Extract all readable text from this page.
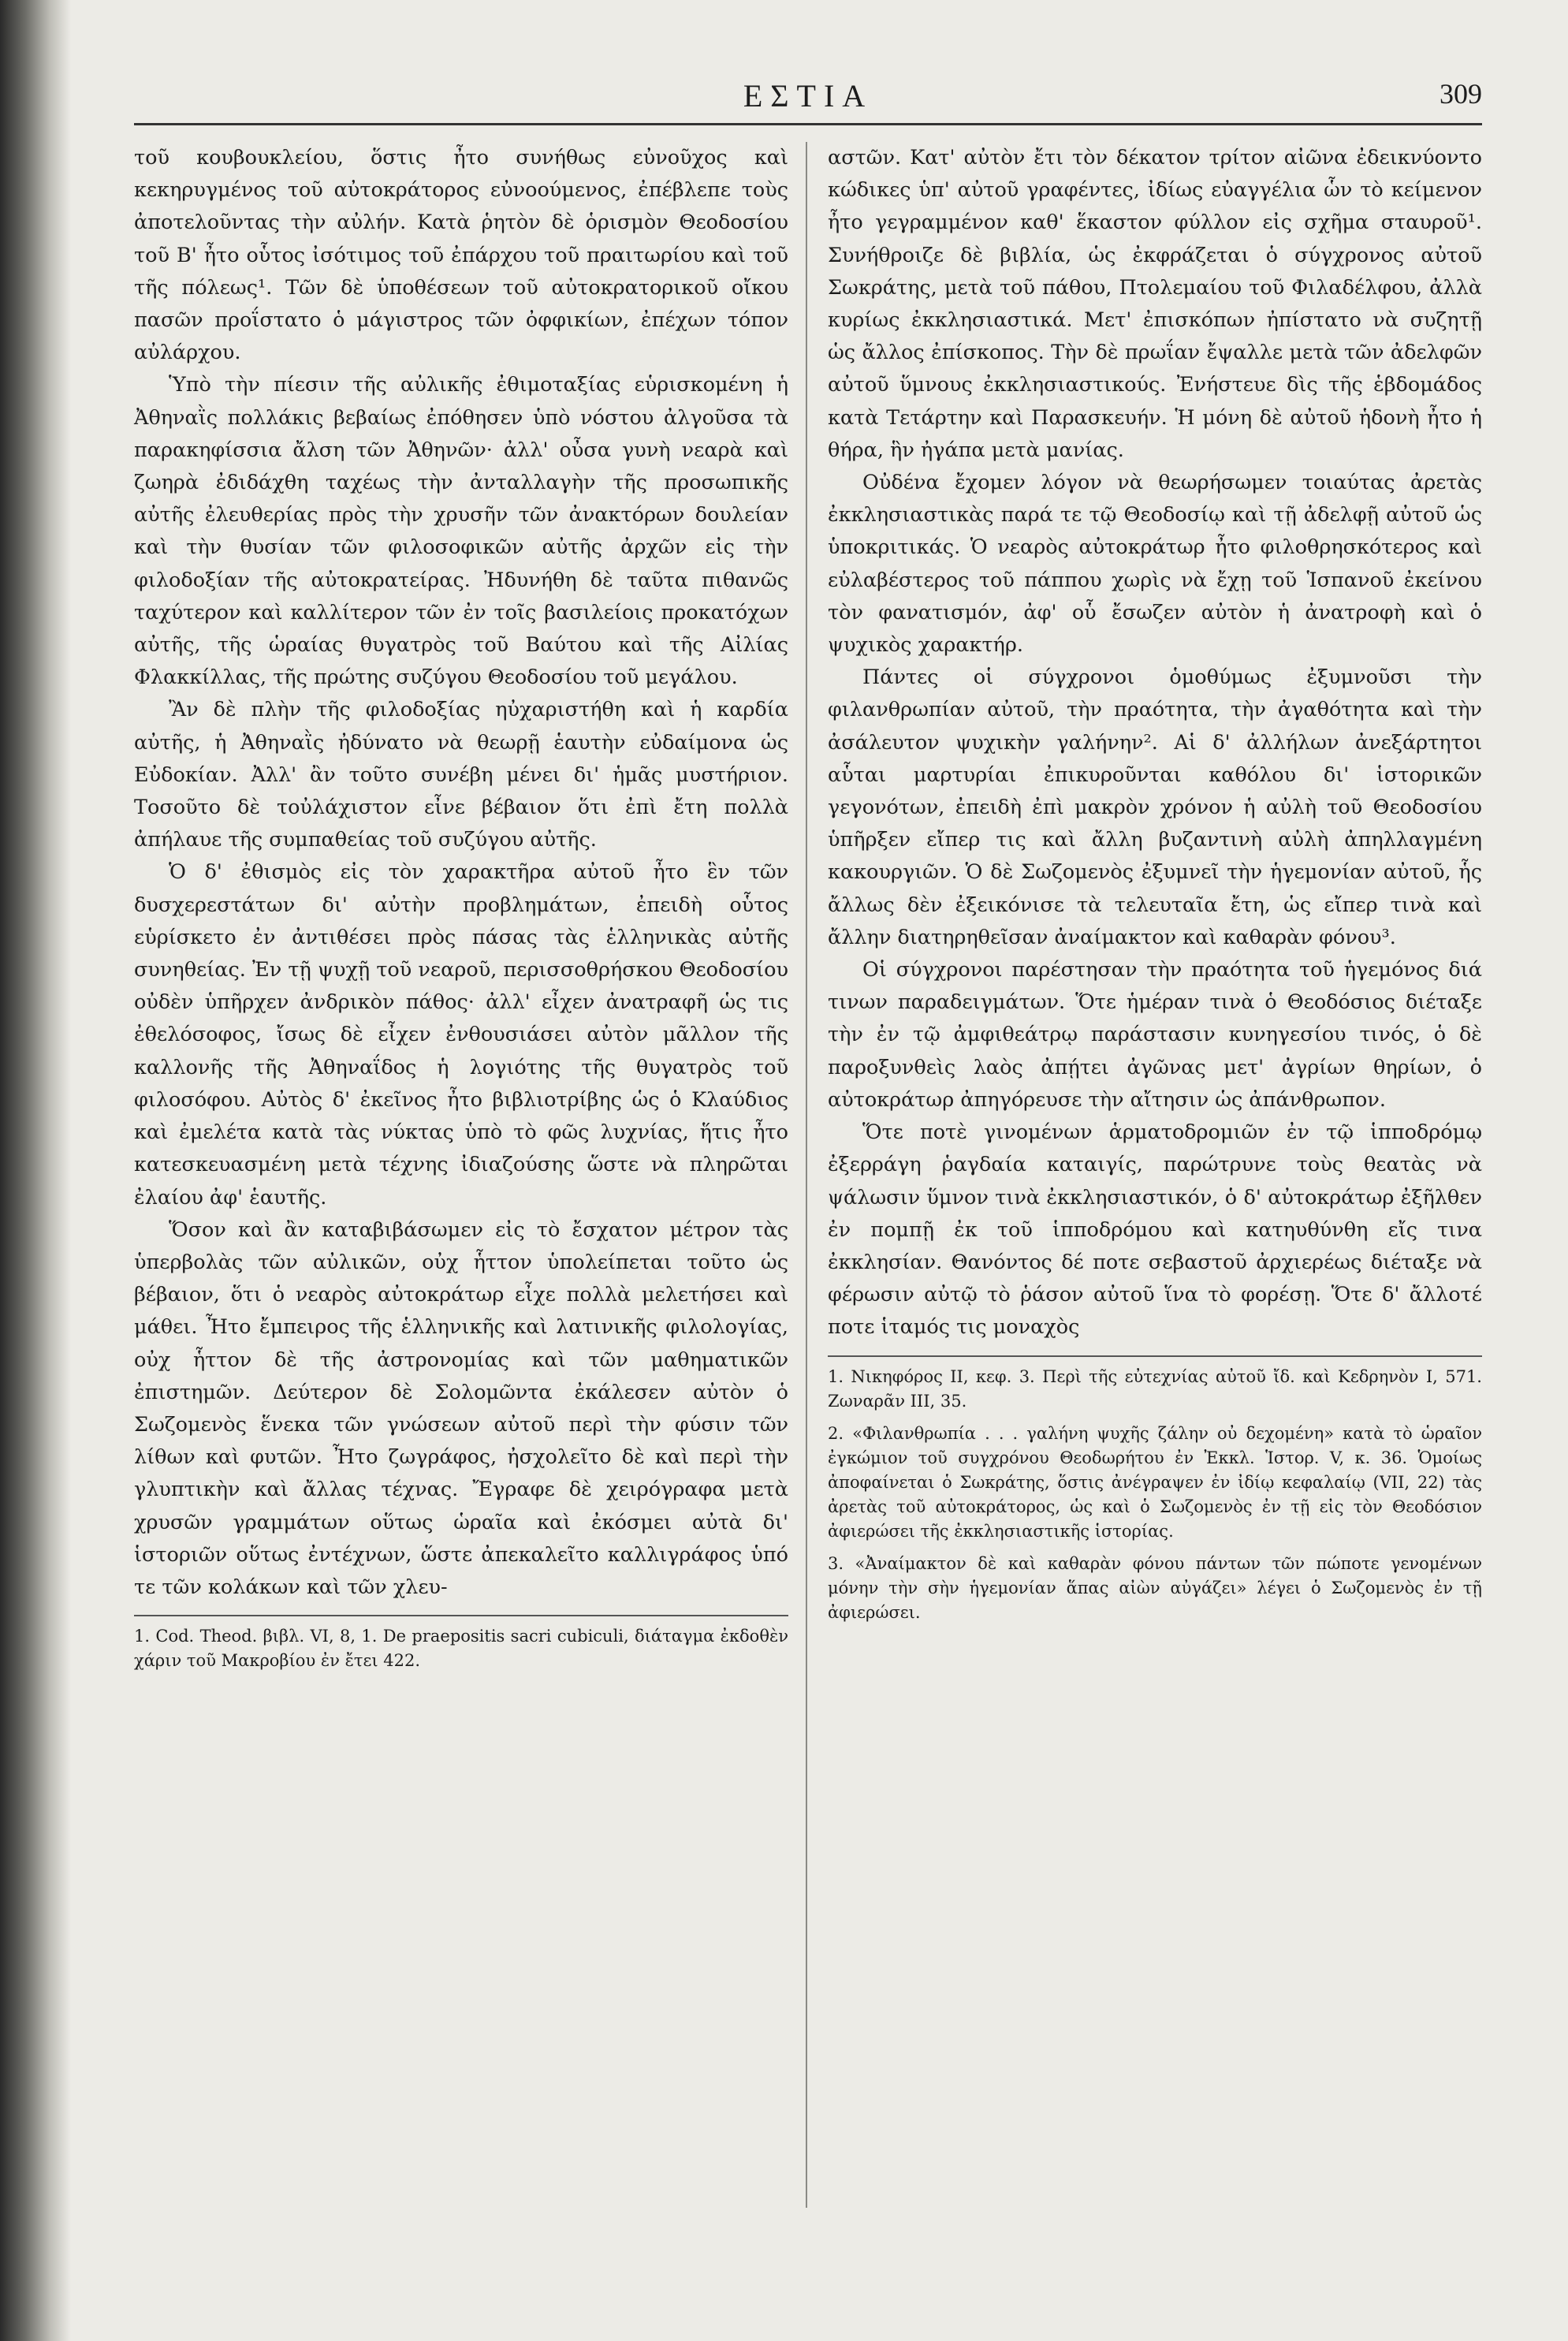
ΕΣΤΙΑ	309

τοῦ κουβουκλείου, ὅστις ἦτο συνήθως εὐνοῦχος καὶ κεκηρυγμένος τοῦ αὐτοκράτορος εὐνοούμενος, ἐπέβλεπε τοὺς ἀποτελοῦντας τὴν αὐλήν. Κατὰ ῥητὸν δὲ ὁρισμὸν Θεοδοσίου τοῦ Β' ἦτο οὗτος ἰσότιμος τοῦ ἐπάρχου τοῦ πραιτωρίου καὶ τοῦ τῆς πόλεως¹. Τῶν δὲ ὑποθέσεων τοῦ αὐτοκρατορικοῦ οἴκου πασῶν προΐστατο ὁ μάγιστρος τῶν ὀφφικίων, ἐπέχων τόπον αὐλάρχου.

Ὑπὸ τὴν πίεσιν τῆς αὐλικῆς ἐθιμοταξίας εὑρισκομένη ἡ Ἀθηναῒς πολλάκις βεβαίως ἐπόθησεν ὑπὸ νόστου ἀλγοῦσα τὰ παρακηφίσσια ἄλση τῶν Ἀθηνῶν· ἀλλ' οὖσα γυνὴ νεαρὰ καὶ ζωηρὰ ἐδιδάχθη ταχέως τὴν ἀνταλλαγὴν τῆς προσωπικῆς αὐτῆς ἐλευθερίας πρὸς τὴν χρυσῆν τῶν ἀνακτόρων δουλείαν καὶ τὴν θυσίαν τῶν φιλοσοφικῶν αὐτῆς ἀρχῶν εἰς τὴν φιλοδοξίαν τῆς αὐτοκρατείρας. Ἠδυνήθη δὲ ταῦτα πιθανῶς ταχύτερον καὶ καλλίτερον τῶν ἐν τοῖς βασιλείοις προκατόχων αὐτῆς, τῆς ὡραίας θυγατρὸς τοῦ Βαύτου καὶ τῆς Αἰλίας Φλακκίλλας, τῆς πρώτης συζύγου Θεοδοσίου τοῦ μεγάλου.

Ἂν δὲ πλὴν τῆς φιλοδοξίας ηὐχαριστήθη καὶ ἡ καρδία αὐτῆς, ἡ Ἀθηναῒς ἠδύνατο νὰ θεωρῇ ἑαυτὴν εὐδαίμονα ὡς Εὐδοκίαν. Ἀλλ' ἂν τοῦτο συνέβη μένει δι' ἡμᾶς μυστήριον. Τοσοῦτο δὲ τοὐλάχιστον εἶνε βέβαιον ὅτι ἐπὶ ἔτη πολλὰ ἀπήλαυε τῆς συμπαθείας τοῦ συζύγου αὐτῆς.

Ὁ δ' ἐθισμὸς εἰς τὸν χαρακτῆρα αὐτοῦ ἦτο ἓν τῶν δυσχερεστάτων δι' αὐτὴν προβλημάτων, ἐπειδὴ οὗτος εὑρίσκετο ἐν ἀντιθέσει πρὸς πάσας τὰς ἑλληνικὰς αὐτῆς συνηθείας. Ἐν τῇ ψυχῇ τοῦ νεαροῦ, περισσοθρήσκου Θεοδοσίου οὐδὲν ὑπῆρχεν ἀνδρικὸν πάθος· ἀλλ' εἶχεν ἀνατραφῆ ὡς τις ἐθελόσοφος, ἴσως δὲ εἶχεν ἐνθουσιάσει αὐτὸν μᾶλλον τῆς καλλονῆς τῆς Ἀθηναΐδος ἡ λογιότης τῆς θυγατρὸς τοῦ φιλοσόφου. Αὐτὸς δ' ἐκεῖνος ἦτο βιβλιοτρίβης ὡς ὁ Κλαύδιος καὶ ἐμελέτα κατὰ τὰς νύκτας ὑπὸ τὸ φῶς λυχνίας, ἥτις ἦτο κατεσκευασμένη μετὰ τέχνης ἰδιαζούσης ὥστε νὰ πληρῶται ἐλαίου ἀφ' ἑαυτῆς.

Ὅσον καὶ ἂν καταβιβάσωμεν εἰς τὸ ἔσχατον μέτρον τὰς ὑπερβολὰς τῶν αὐλικῶν, οὐχ ἧττον ὑπολείπεται τοῦτο ὡς βέβαιον, ὅτι ὁ νεαρὸς αὐτοκράτωρ εἶχε πολλὰ μελετήσει καὶ μάθει. Ἦτο ἔμπειρος τῆς ἑλληνικῆς καὶ λατινικῆς φιλολογίας, οὐχ ἧττον δὲ τῆς ἀστρονομίας καὶ τῶν μαθηματικῶν ἐπιστημῶν. Δεύτερον δὲ Σολομῶντα ἐκάλεσεν αὐτὸν ὁ Σωζομενὸς ἕνεκα τῶν γνώσεων αὐτοῦ περὶ τὴν φύσιν τῶν λίθων καὶ φυτῶν. Ἦτο ζωγράφος, ἠσχολεῖτο δὲ καὶ περὶ τὴν γλυπτικὴν καὶ ἄλλας τέχνας. Ἔγραφε δὲ χειρόγραφα μετὰ χρυσῶν γραμμάτων οὕτως ὡραῖα καὶ ἐκόσμει αὐτὰ δι' ἱστοριῶν οὕτως ἐντέχνων, ὥστε ἀπεκαλεῖτο καλλιγράφος ὑπό τε τῶν κολάκων καὶ τῶν χλευ-

1. Cod. Theod. βιβλ. VI, 8, 1. De praepositis sacri cubiculi, διάταγμα ἐκδοθὲν χάριν τοῦ Μακροβίου ἐν ἔτει 422.

αστῶν. Κατ' αὐτὸν ἔτι τὸν δέκατον τρίτον αἰῶνα ἐδεικνύοντο κώδικες ὑπ' αὐτοῦ γραφέντες, ἰδίως εὐαγγέλια ὧν τὸ κείμενον ἦτο γεγραμμένον καθ' ἕκαστον φύλλον εἰς σχῆμα σταυροῦ¹. Συνήθροιζε δὲ βιβλία, ὡς ἐκφράζεται ὁ σύγχρονος αὐτοῦ Σωκράτης, μετὰ τοῦ πάθου, Πτολεμαίου τοῦ Φιλαδέλφου, ἀλλὰ κυρίως ἐκκλησιαστικά. Μετ' ἐπισκόπων ἠπίστατο νὰ συζητῇ ὡς ἄλλος ἐπίσκοπος. Τὴν δὲ πρωΐαν ἔψαλλε μετὰ τῶν ἀδελφῶν αὐτοῦ ὕμνους ἐκκλησιαστικούς. Ἐνήστευε δὶς τῆς ἑβδομάδος κατὰ Τετάρτην καὶ Παρασκευήν. Ἡ μόνη δὲ αὐτοῦ ἡδονὴ ἦτο ἡ θήρα, ἣν ἠγάπα μετὰ μανίας.

Οὐδένα ἔχομεν λόγον νὰ θεωρήσωμεν τοιαύτας ἀρετὰς ἐκκλησιαστικὰς παρά τε τῷ Θεοδοσίῳ καὶ τῇ ἀδελφῇ αὐτοῦ ὡς ὑποκριτικάς. Ὁ νεαρὸς αὐτοκράτωρ ἦτο φιλοθρησκότερος καὶ εὐλαβέστερος τοῦ πάππου χωρὶς νὰ ἔχῃ τοῦ Ἱσπανοῦ ἐκείνου τὸν φανατισμόν, ἀφ' οὗ ἔσωζεν αὐτὸν ἡ ἀνατροφὴ καὶ ὁ ψυχικὸς χαρακτήρ.

Πάντες οἱ σύγχρονοι ὁμοθύμως ἐξυμνοῦσι τὴν φιλανθρωπίαν αὐτοῦ, τὴν πραότητα, τὴν ἀγαθότητα καὶ τὴν ἀσάλευτον ψυχικὴν γαλήνην². Αἱ δ' ἀλλήλων ἀνεξάρτητοι αὗται μαρτυρίαι ἐπικυροῦνται καθόλου δι' ἱστορικῶν γεγονότων, ἐπειδὴ ἐπὶ μακρὸν χρόνον ἡ αὐλὴ τοῦ Θεοδοσίου ὑπῆρξεν εἴπερ τις καὶ ἄλλη βυζαντινὴ αὐλὴ ἀπηλλαγμένη κακουργιῶν. Ὁ δὲ Σωζομενὸς ἐξυμνεῖ τὴν ἡγεμονίαν αὐτοῦ, ἧς ἄλλως δὲν ἐξεικόνισε τὰ τελευταῖα ἔτη, ὡς εἴπερ τινὰ καὶ ἄλλην διατηρηθεῖσαν ἀναίμακτον καὶ καθαρὰν φόνου³.

Οἱ σύγχρονοι παρέστησαν τὴν πραότητα τοῦ ἡγεμόνος διά τινων παραδειγμάτων. Ὅτε ἡμέραν τινὰ ὁ Θεοδόσιος διέταξε τὴν ἐν τῷ ἀμφιθεάτρῳ παράστασιν κυνηγεσίου τινός, ὁ δὲ παροξυνθεὶς λαὸς ἀπῄτει ἀγῶνας μετ' ἀγρίων θηρίων, ὁ αὐτοκράτωρ ἀπηγόρευσε τὴν αἴτησιν ὡς ἀπάνθρωπον.

Ὅτε ποτὲ γινομένων ἁρματοδρομιῶν ἐν τῷ ἱπποδρόμῳ ἐξερράγη ῥαγδαία καταιγίς, παρώτρυνε τοὺς θεατὰς νὰ ψάλωσιν ὕμνον τινὰ ἐκκλησιαστικόν, ὁ δ' αὐτοκράτωρ ἐξῆλθεν ἐν πομπῇ ἐκ τοῦ ἱπποδρόμου καὶ κατηυθύνθη εἴς τινα ἐκκλησίαν. Θανόντος δέ ποτε σεβαστοῦ ἀρχιερέως διέταξε νὰ φέρωσιν αὐτῷ τὸ ῥάσον αὐτοῦ ἵνα τὸ φορέσῃ. Ὅτε δ' ἄλλοτέ ποτε ἱταμός τις μοναχὸς

1. Νικηφόρος II, κεφ. 3. Περὶ τῆς εὐτεχνίας αὐτοῦ ἴδ. καὶ Κεδρηνὸν I, 571. Ζωναρᾶν III, 35.

2. «Φιλανθρωπία . . . γαλήνη ψυχῆς ζάλην οὐ δεχομένη» κατὰ τὸ ὡραῖον ἐγκώμιον τοῦ συγχρόνου Θεοδωρήτου ἐν Ἐκκλ. Ἱστορ. V, κ. 36. Ὁμοίως ἀποφαίνεται ὁ Σωκράτης, ὅστις ἀνέγραψεν ἐν ἰδίῳ κεφαλαίῳ (VII, 22) τὰς ἀρετὰς τοῦ αὐτοκράτορος, ὡς καὶ ὁ Σωζομενὸς ἐν τῇ εἰς τὸν Θεοδόσιον ἀφιερώσει τῆς ἐκκλησιαστικῆς ἱστορίας.

3. «Ἀναίμακτον δὲ καὶ καθαρὰν φόνου πάντων τῶν πώποτε γενομένων μόνην τὴν σὴν ἡγεμονίαν ἅπας αἰὼν αὐγάζει» λέγει ὁ Σωζομενὸς ἐν τῇ ἀφιερώσει.
